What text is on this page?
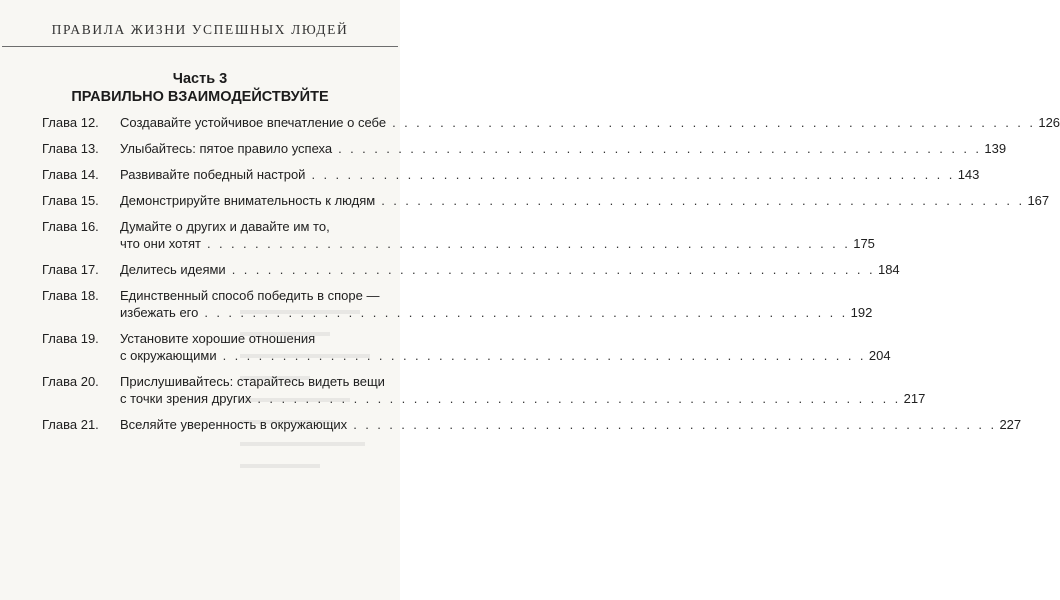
ПРАВИЛА ЖИЗНИ УСПЕШНЫХ ЛЮДЕЙ
Часть 3
ПРАВИЛЬНО ВЗАИМОДЕЙСТВУЙТЕ
Глава 12.	Создавайте устойчивое впечатление о себе . . .	126
Глава 13.	Улыбайтесь: пятое правило успеха . . .	139
Глава 14.	Развивайте победный настрой . . .	143
Глава 15.	Демонстрируйте внимательность к людям . . .	167
Глава 16.	Думайте о других и давайте им то,
что они хотят . . .	175
Глава 17.	Делитесь идеями . . .	184
Глава 18.	Единственный способ победить в споре —
избежать его . . .	192
Глава 19.	Установите хорошие отношения
с окружающими . . .	204
Глава 20.	Прислушивайтесь: старайтесь видеть вещи
с точки зрения других . . .	217
Глава 21.	Вселяйте уверенность в окружающих . . .	227
